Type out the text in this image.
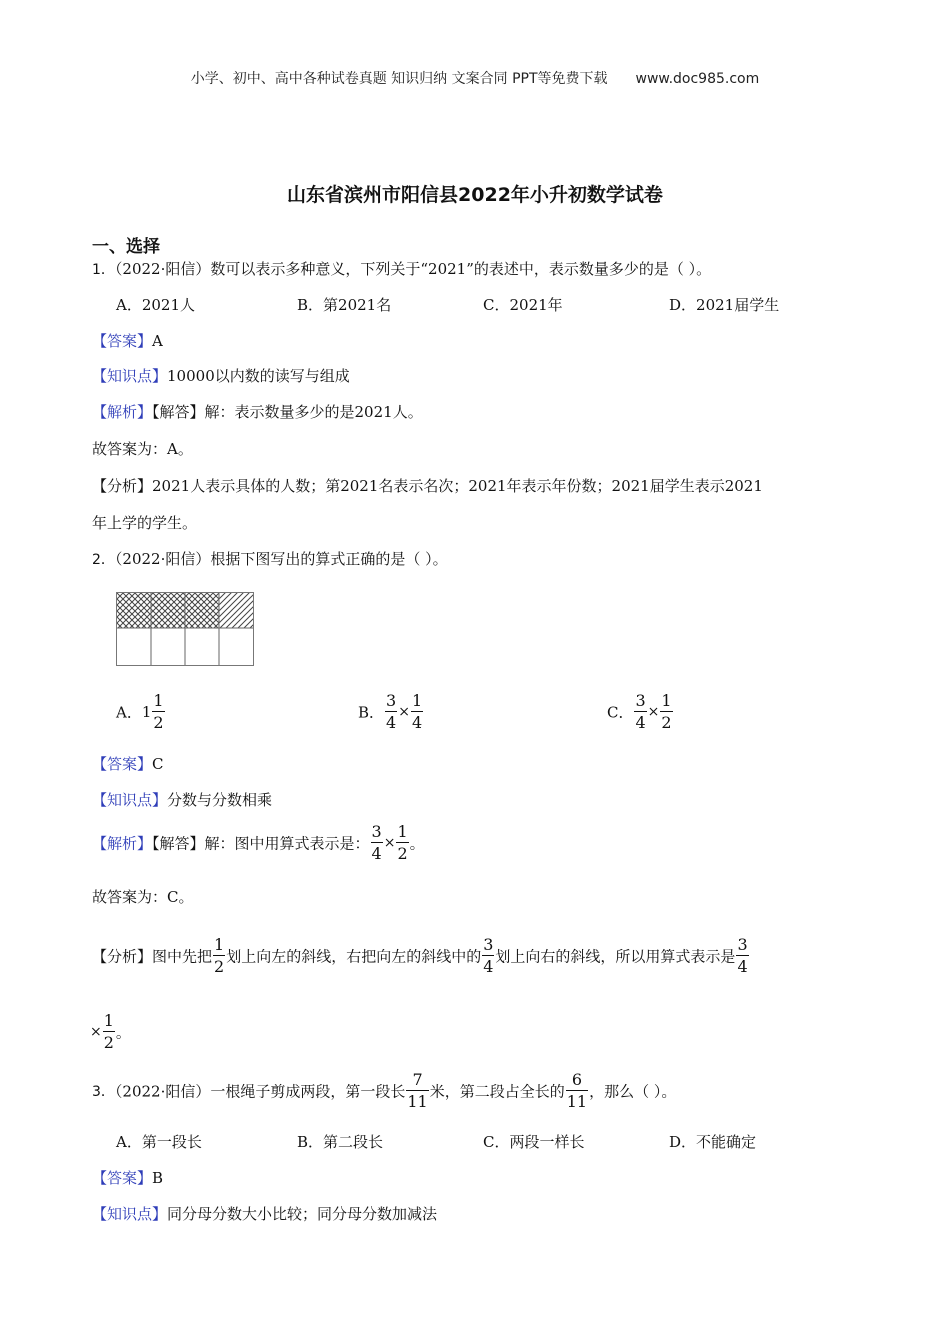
小学、初中、高中各种试卷真题 知识归纳 文案合同 PPT等免费下载 www.doc985.com
山东省滨州市阳信县2022年小升初数学试卷
一、选择
1．（2022·阳信）数可以表示多种意义，下列关于“2021”的表述中，表示数量多少的是（ ）。
A．2021人	B．第2021名	C．2021年	D．2021届学生
【答案】A
【知识点】10000以内数的读写与组成
【解析】【解答】解：表示数量多少的是2021人。
故答案为：A。
【分析】2021人表示具体的人数；第2021名表示名次；2021年表示年份数；2021届学生表示2021
年上学的学生。
2．（2022·阳信）根据下图写出的算式正确的是（ ）。
A．$1 \frac{1}{2}$	B． $\frac{3}{4} \times \frac{1}{4}$	C． $\frac{3}{4} \times \frac{1}{2}$
【答案】C
【知识点】分数与分数相乘
【解析】【解答】解：图中用算式表示是： $\frac{3}{4} \times \frac{1}{2}$ 。
故答案为：C。
【分析】图中先把 $\frac{1}{2}$ 划上向左的斜线，右把向左的斜线中的 $\frac{3}{4}$ 划上向右的斜线，所以用算式表示是 $\frac{3}{4}$
× $\frac{1}{2}$ 。
3．（2022·阳信）一根绳子剪成两段，第一段长 $\frac{7}{11}$ 米，第二段占全长的 $\frac{6}{11}$ ，那么（ ）。
A．第一段长	B．第二段长	C．两段一样长	D．不能确定
【答案】B
【知识点】同分母分数大小比较；同分母分数加减法
